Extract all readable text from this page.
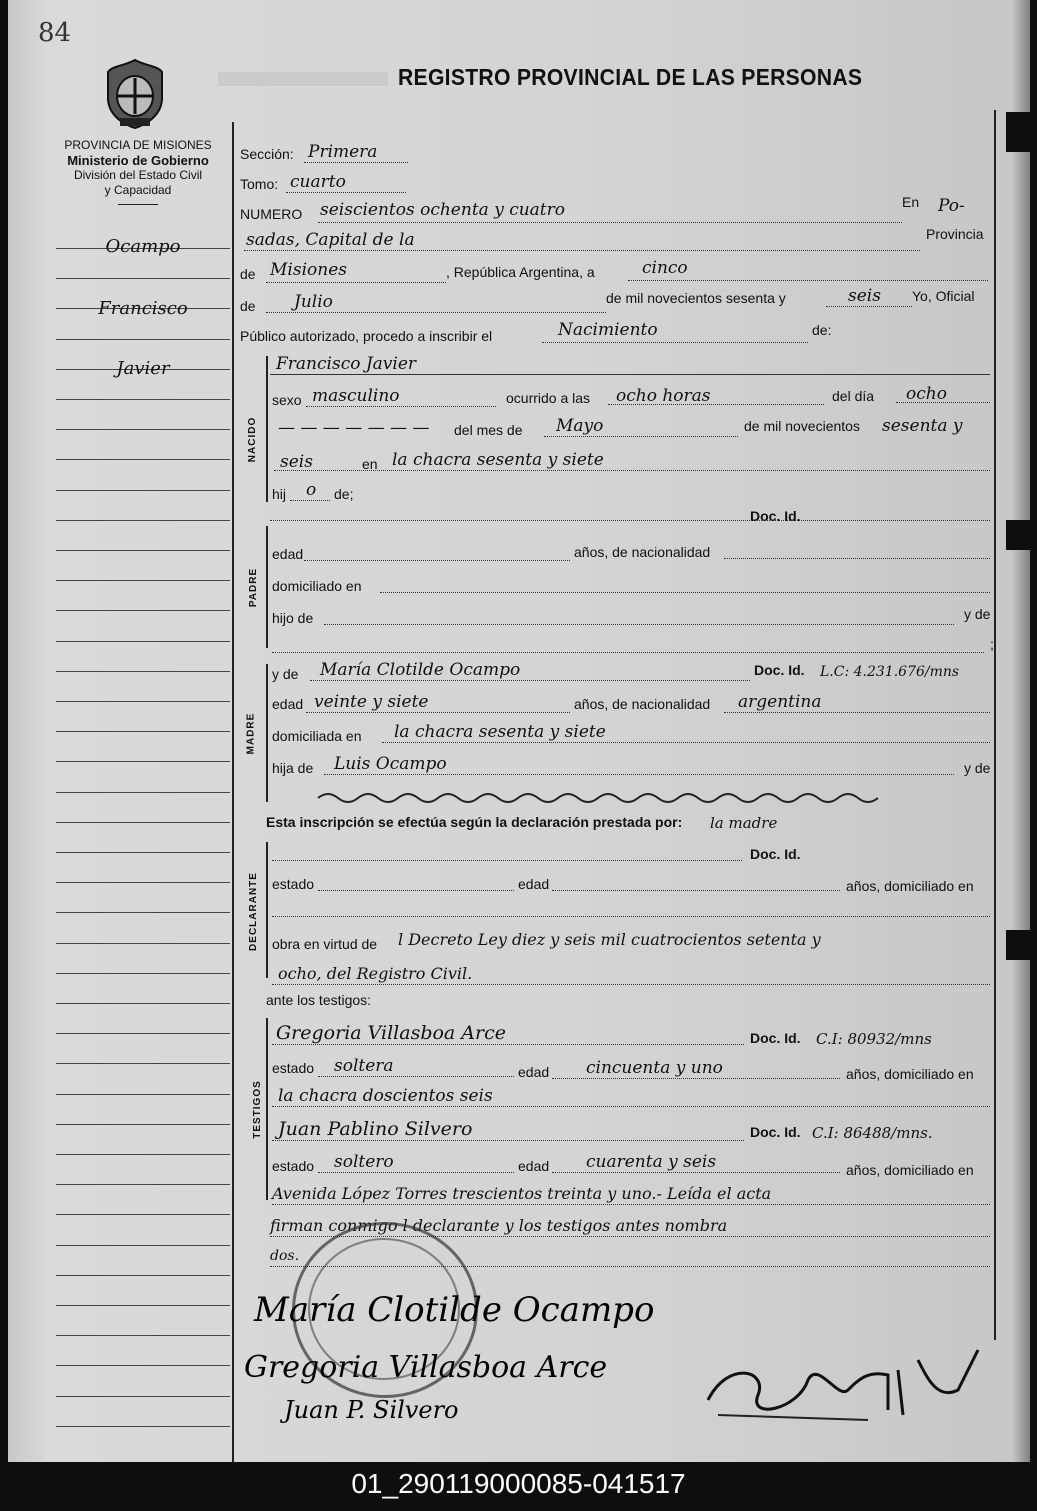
84
REGISTRO PROVINCIAL DE LAS PERSONAS
PROVINCIA DE MISIONES
Ministerio de Gobierno
División del Estado Civil
y Capacidad
Ocampo
Francisco
Javier
Sección: Primera
Tomo: cuarto
NUMERO seiscientos ochenta y cuatro	En Po-
sadas, Capital de la	Provincia
de Misiones	, República Argentina, a	cinco
de Julio	de mil novecientos sesenta y	seis Yo, Oficial
Público autorizado, procedo a inscribir el	Nacimiento	de:
NACIDO
Francisco Javier
sexo masculino	ocurrido a las ocho horas	del día ocho
— — — — — — — del mes de Mayo	de mil novecientos sesenta y
seis	en la chacra sesenta y siete
hij o de;
Doc. Id.
PADRE
edad	años, de nacionalidad
domiciliado en
hijo de	y de
;
MADRE
y de María Clotilde Ocampo	Doc. Id. L.C: 4.231.676/mns
edad veinte y siete	años, de nacionalidad argentina
domiciliada en la chacra sesenta y siete
hija de Luis Ocampo	y de
Esta inscripción se efectúa según la declaración prestada por: la madre
DECLARANTE
Doc. Id.
estado	edad	años, domiciliado en
obra en virtud de l Decreto Ley diez y seis mil cuatrocientos setenta y
ocho, del Registro Civil.
ante los testigos:
TESTIGOS
Gregoria Villasboa Arce	Doc. Id. C.I: 80932/mns
estado soltera	edad cincuenta y uno	años, domiciliado en
la chacra doscientos seis
Juan Pablino Silvero	Doc. Id. C.I: 86488/mns.
estado soltero	edad cuarenta y seis	años, domiciliado en
Avenida López Torres trescientos treinta y uno.- Leída el acta
firman conmigo l declarante y los testigos antes nombra
dos.
María Clotilde Ocampo
Gregoria Villasboa Arce
Juan P. Silvero
01_290119000085-041517
